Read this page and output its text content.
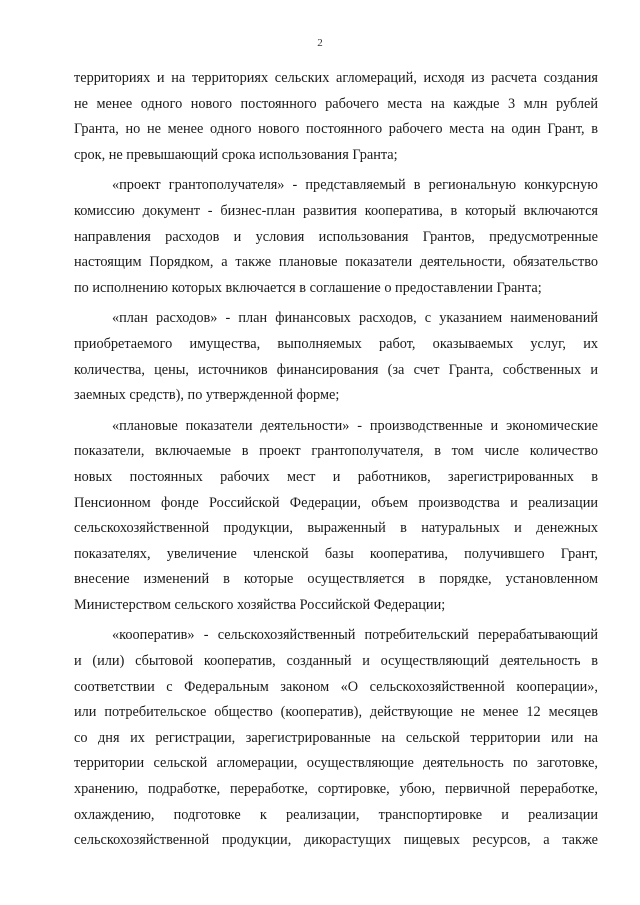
2
территориях и на территориях сельских агломераций, исходя из расчета создания
не менее одного нового постоянного рабочего места на каждые 3 млн рублей
Гранта, но не менее одного нового постоянного рабочего места на один Грант, в
срок, не превышающий срока использования Гранта;
«проект грантополучателя» - представляемый в региональную конкурсную
комиссию документ - бизнес-план развития кооператива, в который включаются
направления расходов и условия использования Грантов, предусмотренные
настоящим Порядком, а также плановые показатели деятельности, обязательство
по исполнению которых включается в соглашение о предоставлении Гранта;
«план расходов» - план финансовых расходов, с указанием наименований
приобретаемого имущества, выполняемых работ, оказываемых услуг, их
количества, цены, источников финансирования (за счет Гранта, собственных и
заемных средств), по утвержденной форме;
«плановые показатели деятельности» - производственные и экономические
показатели, включаемые в проект грантополучателя, в том числе количество
новых постоянных рабочих мест и работников, зарегистрированных в
Пенсионном фонде Российской Федерации, объем производства и реализации
сельскохозяйственной продукции, выраженный в натуральных и денежных
показателях, увеличение членской базы кооператива, получившего Грант,
внесение изменений в которые осуществляется в порядке, установленном
Министерством сельского хозяйства Российской Федерации;
«кооператив» - сельскохозяйственный потребительский перерабатывающий
и (или) сбытовой кооператив, созданный и осуществляющий деятельность в
соответствии с Федеральным законом «О сельскохозяйственной кооперации»,
или потребительское общество (кооператив), действующие не менее 12 месяцев
со дня их регистрации, зарегистрированные на сельской территории или на
территории сельской агломерации, осуществляющие деятельность по заготовке,
хранению, подработке, переработке, сортировке, убою, первичной переработке,
охлаждению, подготовке к реализации, транспортировке и реализации
сельскохозяйственной продукции, дикорастущих пищевых ресурсов, а также
